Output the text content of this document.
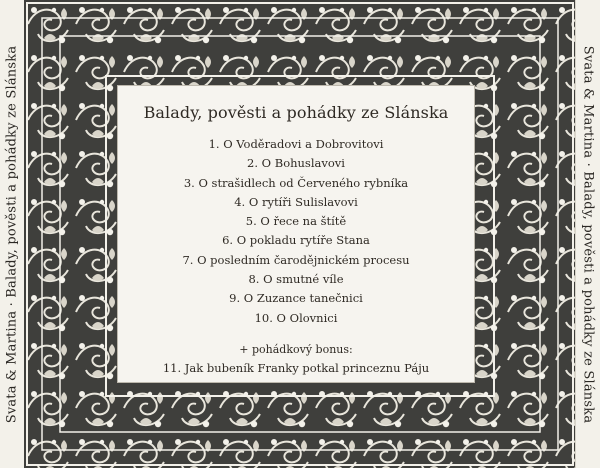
Svata & Martina · Balady, pověsti a pohádky ze Slánska	Balady, pověsti a pohádky ze Slánska
1. O Voděradovi a Dobrovitovi
2. O Bohuslavovi
3. O strašidlech od Červeného rybníka
4. O rytíři Sulislavovi
5. O řece na štítě
6. O pokladu rytíře Stana
7. O posledním čarodějnickém procesu
8. O smutné víle
9. O Zuzance tanečnici
10. O Olovnici
+ pohádkový bonus:
11. Jak bubeník Franky potkal princeznu Páju	Svata & Martina · Balady, pověsti a pohádky ze Slánska
